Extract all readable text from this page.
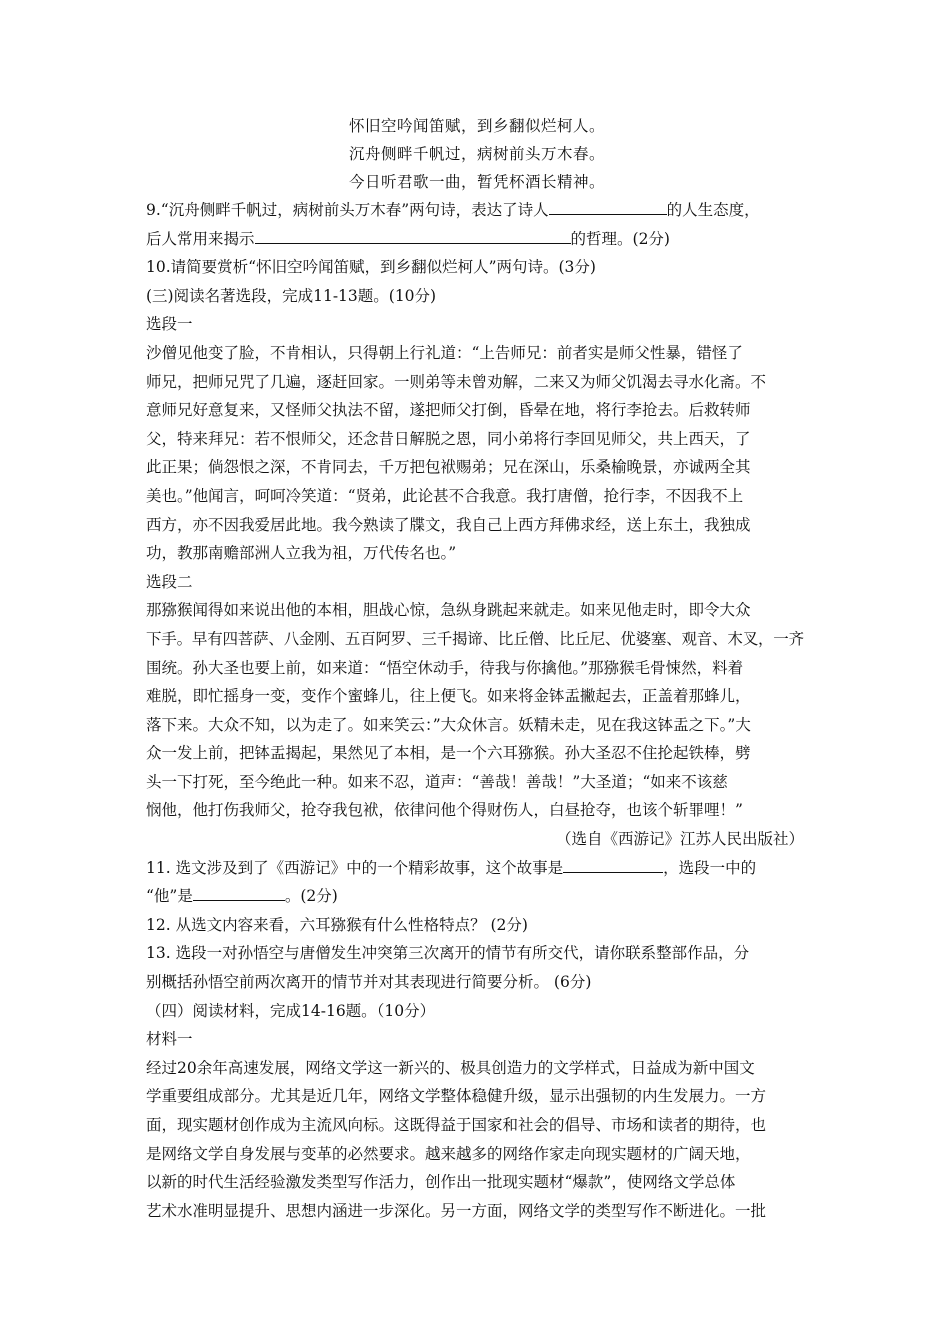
怀旧空吟闻笛赋，到乡翻似烂柯人。
沉舟侧畔千帆过，病树前头万木春。
今日听君歌一曲，暂凭杯酒长精神。
9.“沉舟侧畔千帆过，病树前头万木春”两句诗，表达了诗人	的人生态度，
后人常用来揭示	的哲理。(2分)
10.请简要赏析“怀旧空吟闻笛赋，到乡翻似烂柯人”两句诗。(3分)
(三)阅读名著选段，完成11-13题。(10分)
选段一
沙僧见他变了脸，不肯相认，只得朝上行礼道：“上告师兄：前者实是师父性暴，错怪了
师兄，把师兄咒了几遍，逐赶回家。一则弟等未曾劝解，二来又为师父饥渴去寻水化斋。不
意师兄好意复来，又怪师父执法不留，遂把师父打倒，昏晕在地，将行李抢去。后救转师
父，特来拜兄：若不恨师父，还念昔日解脱之恩，同小弟将行李回见师父，共上西天，了
此正果；倘怨恨之深，不肯同去，千万把包袱赐弟；兄在深山，乐桑榆晚景，亦诚两全其
美也。”他闻言，呵呵冷笑道：“贤弟，此论甚不合我意。我打唐僧，抢行李，不因我不上
西方，亦不因我爱居此地。我今熟读了牒文，我自己上西方拜佛求经，送上东土，我独成
功，教那南赡部洲人立我为祖，万代传名也。”
选段二
那猕猴闻得如来说出他的本相，胆战心惊，急纵身跳起来就走。如来见他走时，即令大众
下手。早有四菩萨、八金刚、五百阿罗、三千揭谛、比丘僧、比丘尼、优婆塞、观音、木叉，一齐
围统。孙大圣也要上前，如来道：“悟空休动手，待我与你擒他。”那猕猴毛骨悚然，料着
难脱，即忙摇身一变，变作个蜜蜂儿，往上便飞。如来将金钵盂撇起去，正盖着那蜂儿，
落下来。大众不知，以为走了。如来笑云：”大众休言。妖精未走，见在我这钵盂之下。”大
众一发上前，把钵盂揭起，果然见了本相，是一个六耳猕猴。孙大圣忍不住抡起铁棒，劈
头一下打死，至今绝此一种。如来不忍，道声：“善哉！善哉！”大圣道；“如来不该慈
悯他，他打伤我师父，抢夺我包袱，依律问他个得财伤人，白昼抢夺，也该个斩罪哩！”
（选自《西游记》江苏人民出版社）
11. 选文涉及到了《西游记》中的一个精彩故事，这个故事是	，选段一中的
“他”是	。(2分)
12. 从选文内容来看，六耳猕猴有什么性格特点？ (2分)
13. 选段一对孙悟空与唐僧发生冲突第三次离开的情节有所交代，请你联系整部作品，分
别概括孙悟空前两次离开的情节并对其表现进行简要分析。 (6分)
（四）阅读材料，完成14-16题。（10分）
材料一
经过20余年高速发展，网络文学这一新兴的、极具创造力的文学样式，日益成为新中国文
学重要组成部分。尤其是近几年，网络文学整体稳健升级，显示出强韧的内生发展力。一方
面，现实题材创作成为主流风向标。这既得益于国家和社会的倡导、市场和读者的期待，也
是网络文学自身发展与变革的必然要求。越来越多的网络作家走向现实题材的广阔天地，
以新的时代生活经验激发类型写作活力，创作出一批现实题材“爆款”，使网络文学总体
艺术水准明显提升、思想内涵进一步深化。另一方面，网络文学的类型写作不断进化。一批
